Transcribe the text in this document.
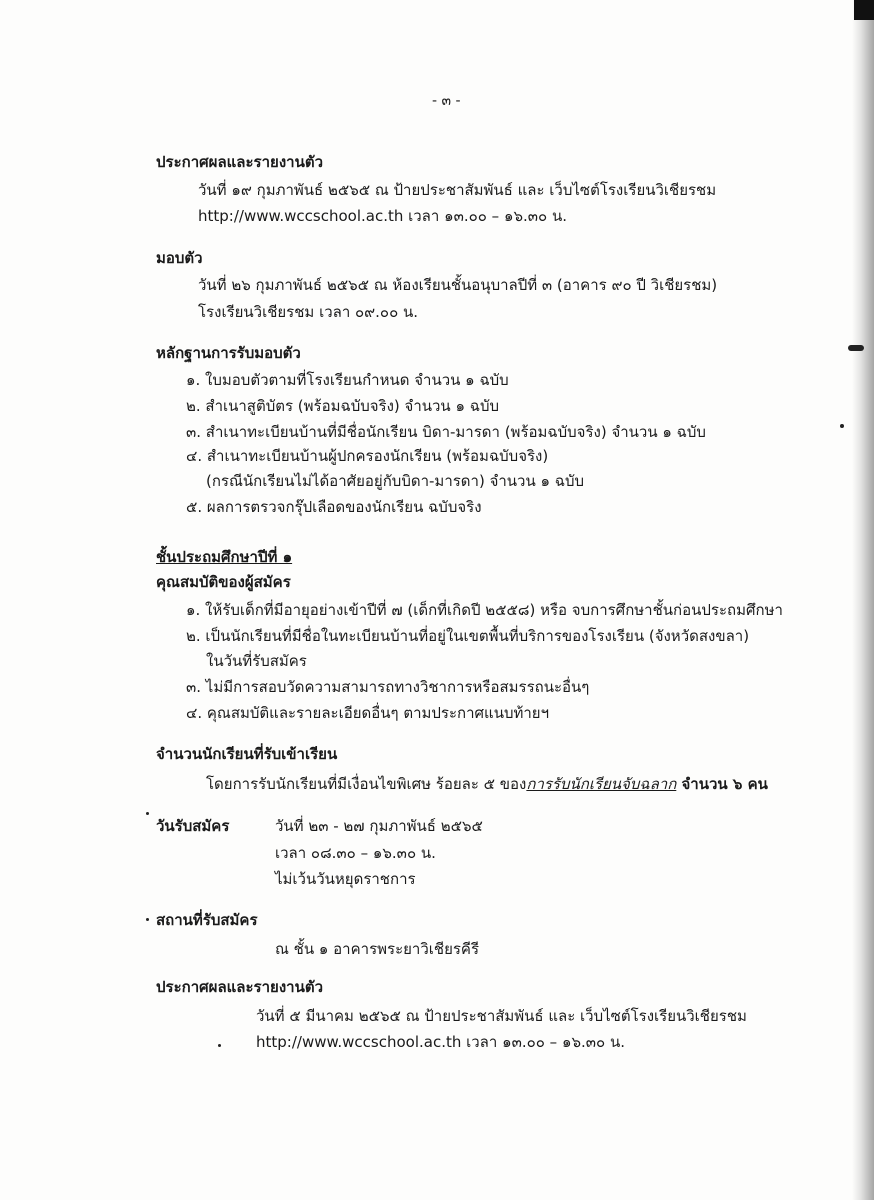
- ๓ -
ประกาศผลและรายงานตัว
วันที่ ๑๙ กุมภาพันธ์ ๒๕๖๕ ณ ป้ายประชาสัมพันธ์ และ เว็บไซต์โรงเรียนวิเชียรชม
http://www.wccschool.ac.th เวลา ๑๓.๐๐ – ๑๖.๓๐ น.
มอบตัว
วันที่ ๒๖ กุมภาพันธ์ ๒๕๖๕ ณ ห้องเรียนชั้นอนุบาลปีที่ ๓ (อาคาร ๙๐ ปี วิเชียรชม)
โรงเรียนวิเชียรชม เวลา ๐๙.๐๐ น.
หลักฐานการรับมอบตัว
๑. ใบมอบตัวตามที่โรงเรียนกำหนด จำนวน ๑ ฉบับ
๒. สำเนาสูติบัตร (พร้อมฉบับจริง) จำนวน ๑ ฉบับ
๓. สำเนาทะเบียนบ้านที่มีชื่อนักเรียน บิดา-มารดา (พร้อมฉบับจริง) จำนวน ๑ ฉบับ
๔. สำเนาทะเบียนบ้านผู้ปกครองนักเรียน (พร้อมฉบับจริง)
(กรณีนักเรียนไม่ได้อาศัยอยู่กับบิดา-มารดา) จำนวน ๑ ฉบับ
๕. ผลการตรวจกรุ๊ปเลือดของนักเรียน ฉบับจริง
ชั้นประถมศึกษาปีที่ ๑
คุณสมบัติของผู้สมัคร
๑. ให้รับเด็กที่มีอายุอย่างเข้าปีที่ ๗ (เด็กที่เกิดปี ๒๕๕๘) หรือ จบการศึกษาชั้นก่อนประถมศึกษา
๒. เป็นนักเรียนที่มีชื่อในทะเบียนบ้านที่อยู่ในเขตพื้นที่บริการของโรงเรียน (จังหวัดสงขลา)
ในวันที่รับสมัคร
๓. ไม่มีการสอบวัดความสามารถทางวิชาการหรือสมรรถนะอื่นๆ
๔. คุณสมบัติและรายละเอียดอื่นๆ ตามประกาศแนบท้ายฯ
จำนวนนักเรียนที่รับเข้าเรียน
โดยการรับนักเรียนที่มีเงื่อนไขพิเศษ ร้อยละ ๕ ของการรับนักเรียนจับฉลาก จำนวน ๖ คน
วันรับสมัคร	วันที่ ๒๓ - ๒๗ กุมภาพันธ์ ๒๕๖๕
เวลา ๐๘.๓๐ – ๑๖.๓๐ น.
ไม่เว้นวันหยุดราชการ
สถานที่รับสมัคร
ณ ชั้น ๑ อาคารพระยาวิเชียรคีรี
ประกาศผลและรายงานตัว
วันที่ ๕ มีนาคม ๒๕๖๕ ณ ป้ายประชาสัมพันธ์ และ เว็บไซต์โรงเรียนวิเชียรชม
http://www.wccschool.ac.th เวลา ๑๓.๐๐ – ๑๖.๓๐ น.
